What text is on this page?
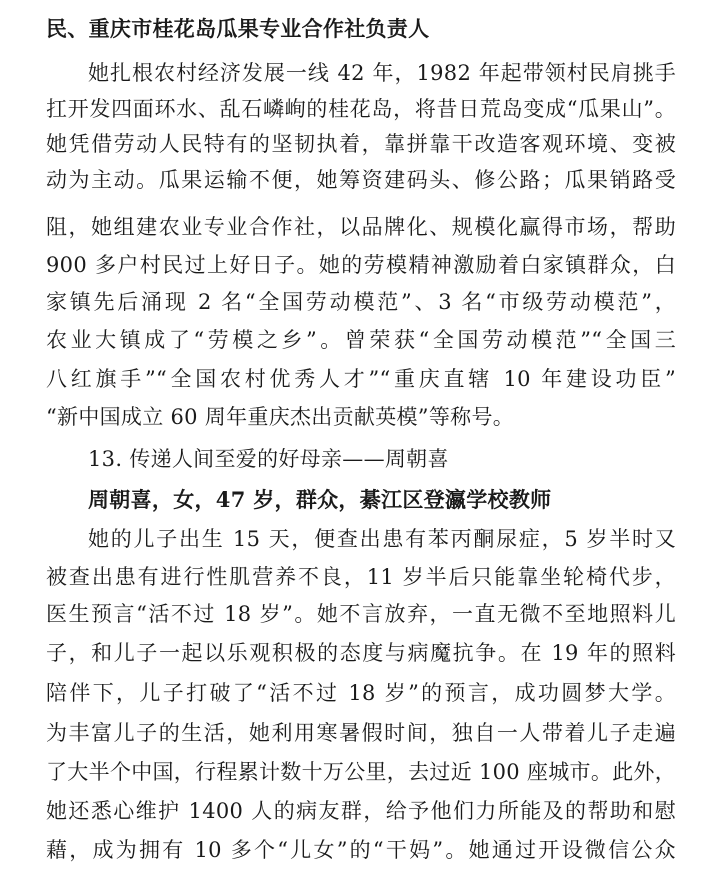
民、重庆市桂花岛瓜果专业合作社负责人
她扎根农村经济发展一线 42 年，1982 年起带领村民肩挑手
扛开发四面环水、乱石嶙峋的桂花岛，将昔日荒岛变成“瓜果山”。
她凭借劳动人民特有的坚韧执着，靠拼靠干改造客观环境、变被
动为主动。瓜果运输不便，她筹资建码头、修公路；瓜果销路受
阻，她组建农业专业合作社，以品牌化、规模化赢得市场，帮助
900 多户村民过上好日子。她的劳模精神激励着白家镇群众，白
家镇先后涌现 2 名“全国劳动模范”、3 名“市级劳动模范”，
农业大镇成了“劳模之乡”。曾荣获“全国劳动模范”“全国三
八红旗手”“全国农村优秀人才”“重庆直辖 10 年建设功臣”
“新中国成立 60 周年重庆杰出贡献英模”等称号。
13. 传递人间至爱的好母亲——周朝喜
周朝喜，女，47 岁，群众，綦江区登瀛学校教师
她的儿子出生 15 天，便查出患有苯丙酮尿症，5 岁半时又
被查出患有进行性肌营养不良，11 岁半后只能靠坐轮椅代步，
医生预言“活不过 18 岁”。她不言放弃，一直无微不至地照料儿
子，和儿子一起以乐观积极的态度与病魔抗争。在 19 年的照料
陪伴下，儿子打破了“活不过 18 岁”的预言，成功圆梦大学。
为丰富儿子的生活，她利用寒暑假时间，独自一人带着儿子走遍
了大半个中国，行程累计数十万公里，去过近 100 座城市。此外，
她还悉心维护 1400 人的病友群，给予他们力所能及的帮助和慰
藉，成为拥有 10 多个“儿女”的“干妈”。她通过开设微信公众
